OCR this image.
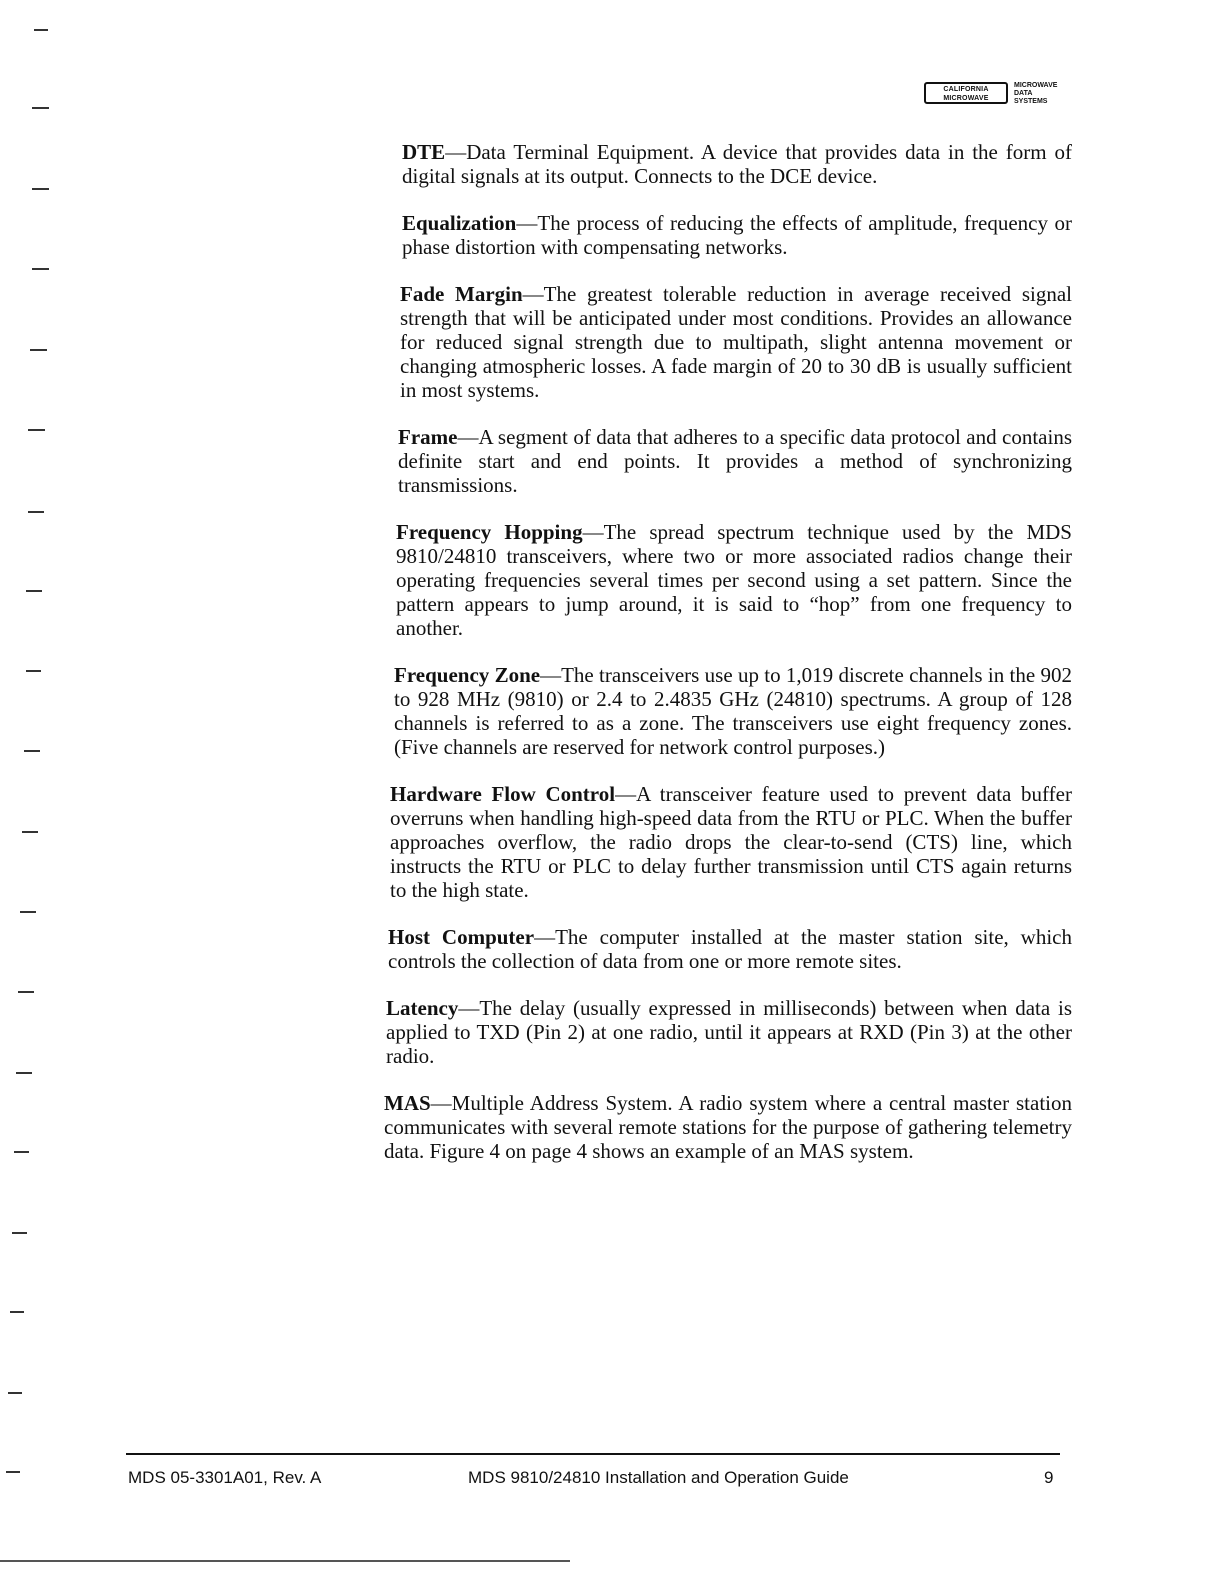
CALIFORNIA
MICROWAVE
MICROWAVE
DATA
SYSTEMS

DTE—Data Terminal Equipment. A device that provides data in the form of digital signals at its output. Connects to the DCE device.

Equalization—The process of reducing the effects of amplitude, frequency or phase distortion with compensating networks.

Fade Margin—The greatest tolerable reduction in average received signal strength that will be anticipated under most conditions. Provides an allowance for reduced signal strength due to multipath, slight antenna movement or changing atmospheric losses. A fade margin of 20 to 30 dB is usually sufficient in most systems.

Frame—A segment of data that adheres to a specific data protocol and contains definite start and end points. It provides a method of synchronizing transmissions.

Frequency Hopping—The spread spectrum technique used by the MDS 9810/24810 transceivers, where two or more associated radios change their operating frequencies several times per second using a set pattern. Since the pattern appears to jump around, it is said to “hop” from one frequency to another.

Frequency Zone—The transceivers use up to 1,019 discrete channels in the 902 to 928 MHz (9810) or 2.4 to 2.4835 GHz (24810) spectrums. A group of 128 channels is referred to as a zone. The transceivers use eight frequency zones. (Five channels are reserved for network control purposes.)

Hardware Flow Control—A transceiver feature used to prevent data buffer overruns when handling high-speed data from the RTU or PLC. When the buffer approaches overflow, the radio drops the clear-to-send (CTS) line, which instructs the RTU or PLC to delay further transmission until CTS again returns to the high state.

Host Computer—The computer installed at the master station site, which controls the collection of data from one or more remote sites.

Latency—The delay (usually expressed in milliseconds) between when data is applied to TXD (Pin 2) at one radio, until it appears at RXD (Pin 3) at the other radio.

MAS—Multiple Address System. A radio system where a central master station communicates with several remote stations for the purpose of gathering telemetry data. Figure 4 on page 4 shows an example of an MAS system.

MDS 05-3301A01, Rev. A	MDS 9810/24810 Installation and Operation Guide	9
